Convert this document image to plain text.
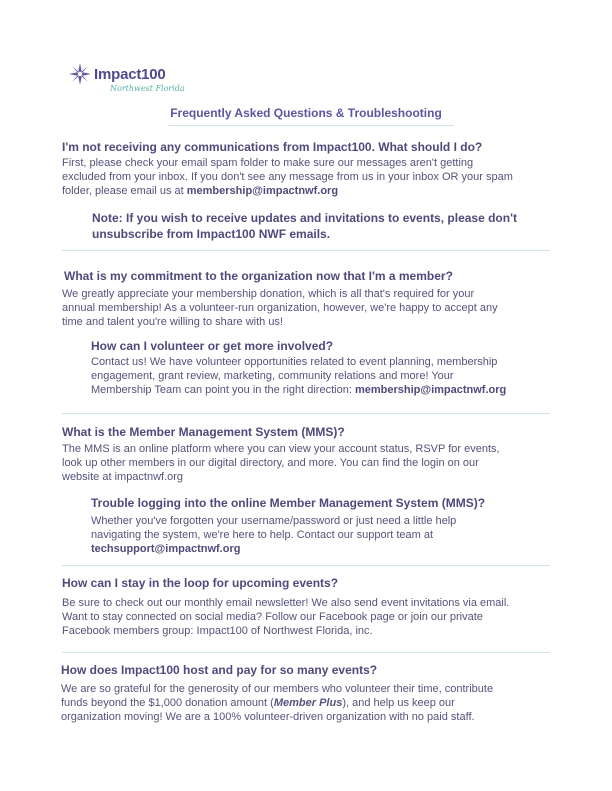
Impact100
Northwest Florida
Frequently Asked Questions & Troubleshooting
I'm not receiving any communications from Impact100. What should I do?
First, please check your email spam folder to make sure our messages aren't getting
excluded from your inbox. If you don't see any message from us in your inbox OR your spam
folder, please email us at membership@impactnwf.org
Note: If you wish to receive updates and invitations to events, please don't
unsubscribe from Impact100 NWF emails.
What is my commitment to the organization now that I'm a member?
We greatly appreciate your membership donation, which is all that's required for your
annual membership! As a volunteer-run organization, however, we're happy to accept any
time and talent you're willing to share with us!
How can I volunteer or get more involved?
Contact us! We have volunteer opportunities related to event planning, membership
engagement, grant review, marketing, community relations and more! Your
Membership Team can point you in the right direction: membership@impactnwf.org
What is the Member Management System (MMS)?
The MMS is an online platform where you can view your account status, RSVP for events,
look up other members in our digital directory, and more. You can find the login on our
website at impactnwf.org
Trouble logging into the online Member Management System (MMS)?
Whether you've forgotten your username/password or just need a little help
navigating the system, we're here to help. Contact our support team at
techsupport@impactnwf.org
How can I stay in the loop for upcoming events?
Be sure to check out our monthly email newsletter! We also send event invitations via email.
Want to stay connected on social media? Follow our Facebook page or join our private
Facebook members group: Impact100 of Northwest Florida, inc.
How does Impact100 host and pay for so many events?
We are so grateful for the generosity of our members who volunteer their time, contribute
funds beyond the $1,000 donation amount (Member Plus), and help us keep our
organization moving! We are a 100% volunteer-driven organization with no paid staff.
